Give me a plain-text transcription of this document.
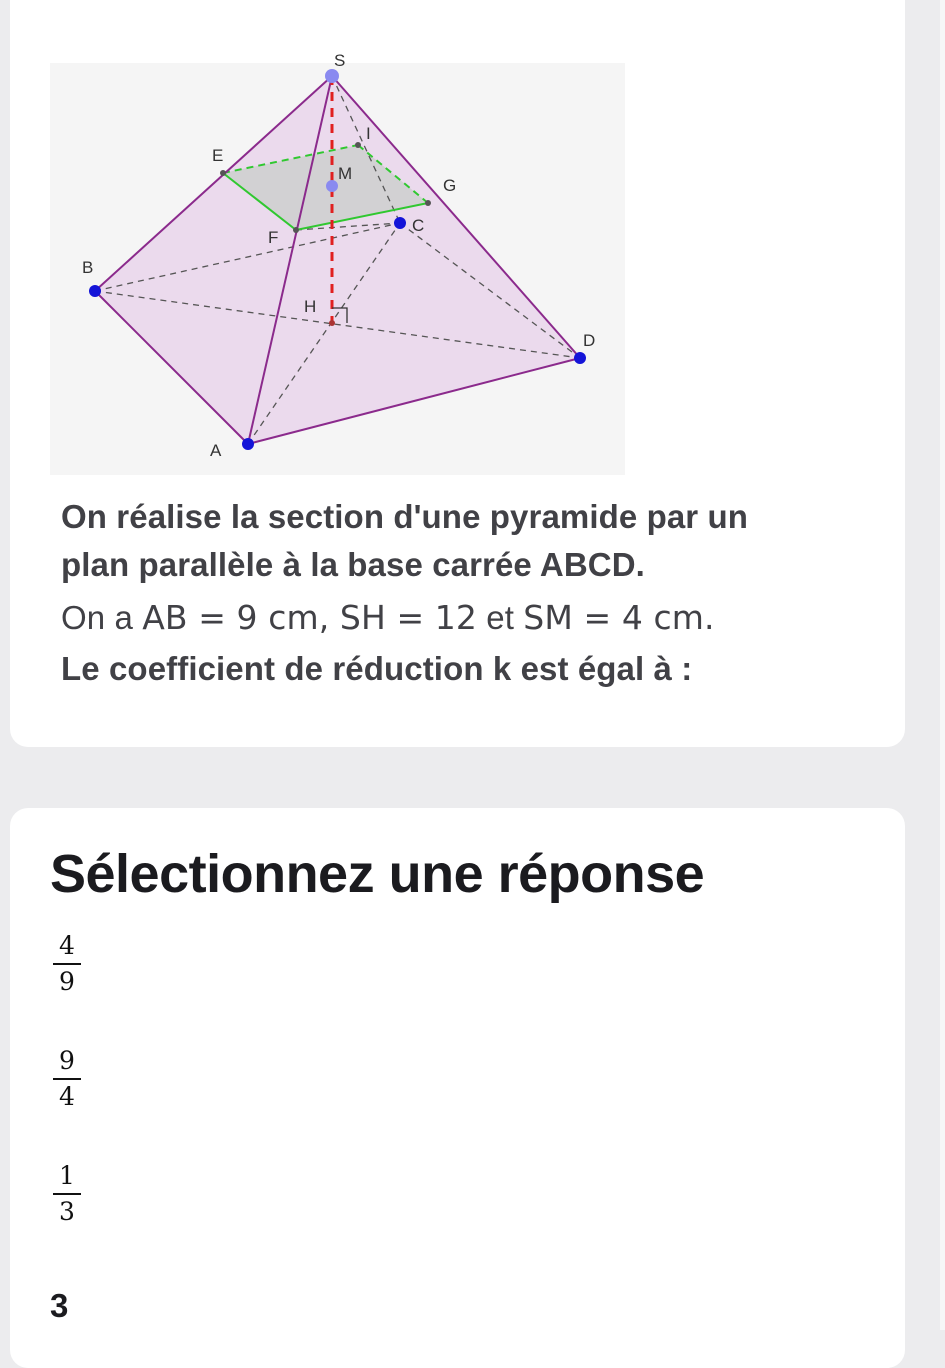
S
E
I
M
G
F
C
B
H
D
A
On réalise la section d'une pyramide par un
plan parallèle à la base carrée ABCD.
On a AB = 9 cm, SH = 12 et SM = 4 cm.
Le coefficient de réduction k est égal à :
Sélectionnez une réponse
4
9
9
4
1
3
3
